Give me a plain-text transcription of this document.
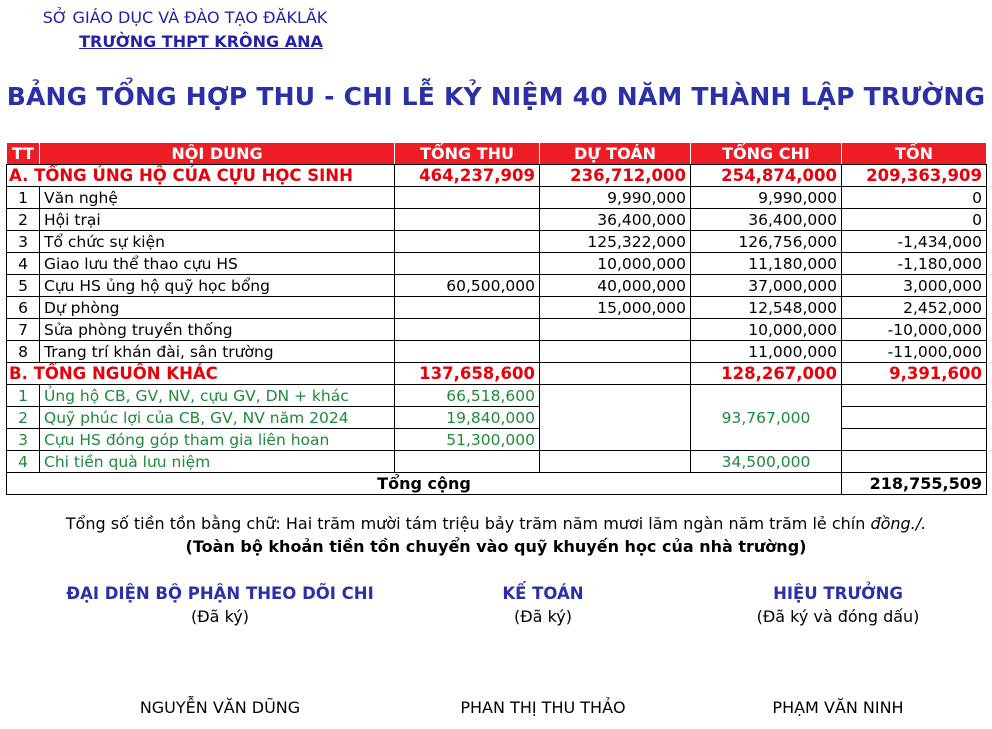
SỞ GIÁO DỤC VÀ ĐÀO TẠO ĐĂKLĂK
TRƯỜNG THPT KRÔNG ANA
BẢNG TỔNG HỢP THU - CHI LỄ KỶ NIỆM 40 NĂM THÀNH LẬP TRƯỜNG
TT	NỘI DUNG	TỔNG THU	DỰ TOÁN	TỔNG CHI	TỒN
A. TỔNG ỦNG HỘ CỦA CỰU HỌC SINH		464,237,909	236,712,000	254,874,000	209,363,909
1	Văn nghệ		9,990,000	9,990,000	0
2	Hội trại		36,400,000	36,400,000	0
3	Tổ chức sự kiện		125,322,000	126,756,000	-1,434,000
4	Giao lưu thể thao cựu HS		10,000,000	11,180,000	-1,180,000
5	Cựu HS ủng hộ quỹ học bổng	60,500,000	40,000,000	37,000,000	3,000,000
6	Dự phòng		15,000,000	12,548,000	2,452,000
7	Sửa phòng truyền thống			10,000,000	-10,000,000
8	Trang trí khán đài, sân trường			11,000,000	-11,000,000
B. TỔNG NGUỒN KHÁC		137,658,600		128,267,000	9,391,600
1	Ủng hộ CB, GV, NV, cựu GV, DN + khác	66,518,600		93,767,000	
2	Quỹ phúc lợi của CB, GV, NV năm 2024	19,840,000			
3	Cựu HS đóng góp tham gia liên hoan	51,300,000			
4	Chi tiền quà lưu niệm			34,500,000	
Tổng cộng					218,755,509
Tổng số tiền tồn bằng chữ: Hai trăm mười tám triệu bảy trăm năm mươi lăm ngàn năm trăm lẻ chín đồng./.
(Toàn bộ khoản tiền tồn chuyển vào quỹ khuyến học của nhà trường)
ĐẠI DIỆN BỘ PHẬN THEO DÕI CHI
(Đã ký)
NGUYỄN VĂN DŨNG
KẾ TOÁN
(Đã ký)
PHAN THỊ THU THẢO
HIỆU TRƯỞNG
(Đã ký và đóng dấu)
PHẠM VĂN NINH
